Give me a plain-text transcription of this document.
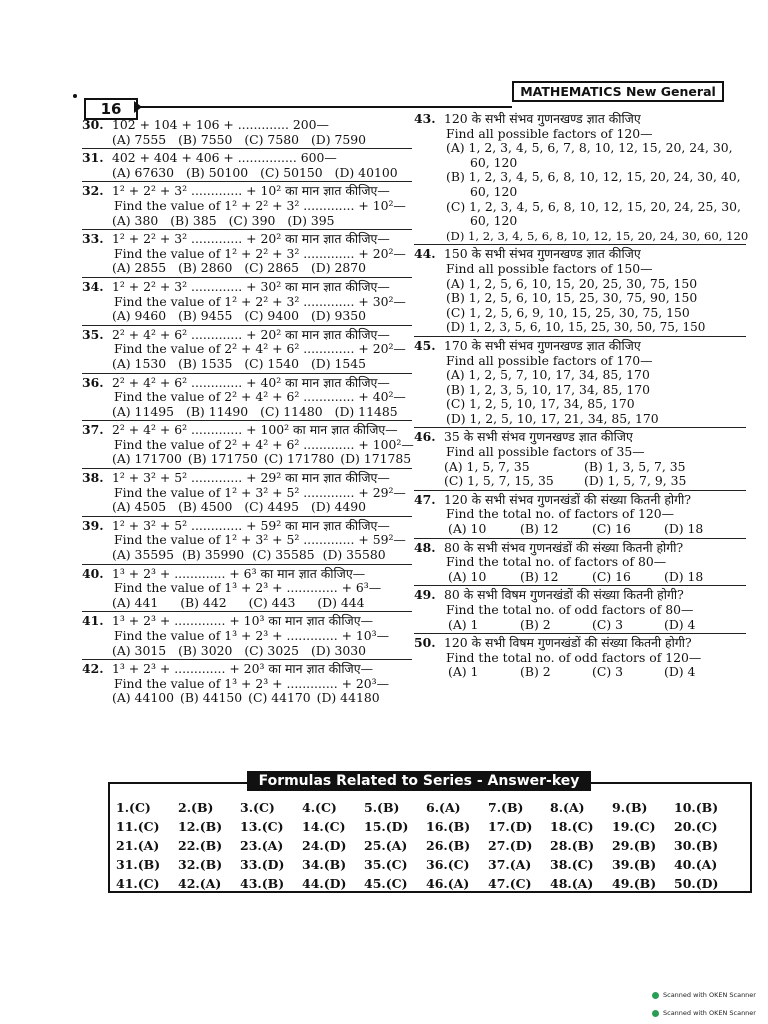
16
MATHEMATICS New General
30. 102 + 104 + 106 + ............. 200—
(A) 7555 (B) 7550 (C) 7580 (D) 7590
31. 402 + 404 + 406 + ............... 600—
(A) 67630 (B) 50100 (C) 50150 (D) 40100
32. 1² + 2² + 3² ............. + 10² का मान ज्ञात कीजिए—
Find the value of 1² + 2² + 3² ............. + 10²—
(A) 380 (B) 385 (C) 390 (D) 395
33. 1² + 2² + 3² ............. + 20² का मान ज्ञात कीजिए—
Find the value of 1² + 2² + 3² ............. + 20²—
(A) 2855 (B) 2860 (C) 2865 (D) 2870
34. 1² + 2² + 3² ............. + 30² का मान ज्ञात कीजिए—
Find the value of 1² + 2² + 3² ............. + 30²—
(A) 9460 (B) 9455 (C) 9400 (D) 9350
35. 2² + 4² + 6² ............. + 20² का मान ज्ञात कीजिए—
Find the value of 2² + 4² + 6² ............. + 20²—
(A) 1530 (B) 1535 (C) 1540 (D) 1545
36. 2² + 4² + 6² ............. + 40² का मान ज्ञात कीजिए—
Find the value of 2² + 4² + 6² ............. + 40²—
(A) 11495 (B) 11490 (C) 11480 (D) 11485
37. 2² + 4² + 6² ............. + 100² का मान ज्ञात कीजिए—
Find the value of 2² + 4² + 6² ............. + 100²—
(A) 171700 (B) 171750 (C) 171780 (D) 171785
38. 1² + 3² + 5² ............. + 29² का मान ज्ञात कीजिए—
Find the value of 1² + 3² + 5² ............. + 29²—
(A) 4505 (B) 4500 (C) 4495 (D) 4490
39. 1² + 3² + 5² ............. + 59² का मान ज्ञात कीजिए—
Find the value of 1² + 3² + 5² ............. + 59²—
(A) 35595 (B) 35990 (C) 35585 (D) 35580
40. 1³ + 2³ + ............. + 6³ का मान ज्ञात कीजिए—
Find the value of 1³ + 2³ + ............. + 6³—
(A) 441 (B) 442 (C) 443 (D) 444
41. 1³ + 2³ + ............. + 10³ का मान ज्ञात कीजिए—
Find the value of 1³ + 2³ + ............. + 10³—
(A) 3015 (B) 3020 (C) 3025 (D) 3030
42. 1³ + 2³ + ............. + 20³ का मान ज्ञात कीजिए—
Find the value of 1³ + 2³ + ............. + 20³—
(A) 44100 (B) 44150 (C) 44170 (D) 44180
43. 120 के सभी संभव गुणनखण्ड ज्ञात कीजिए
Find all possible factors of 120—
(A) 1, 2, 3, 4, 5, 6, 7, 8, 10, 12, 15, 20, 24, 30,
60, 120
(B) 1, 2, 3, 4, 5, 6, 8, 10, 12, 15, 20, 24, 30, 40,
60, 120
(C) 1, 2, 3, 4, 5, 6, 8, 10, 12, 15, 20, 24, 25, 30,
60, 120
(D) 1, 2, 3, 4, 5, 6, 8, 10, 12, 15, 20, 24, 30, 60, 120
44. 150 के सभी संभव गुणनखण्ड ज्ञात कीजिए
Find all possible factors of 150—
(A) 1, 2, 5, 6, 10, 15, 20, 25, 30, 75, 150
(B) 1, 2, 5, 6, 10, 15, 25, 30, 75, 90, 150
(C) 1, 2, 5, 6, 9, 10, 15, 25, 30, 75, 150
(D) 1, 2, 3, 5, 6, 10, 15, 25, 30, 50, 75, 150
45. 170 के सभी संभव गुणनखण्ड ज्ञात कीजिए
Find all possible factors of 170—
(A) 1, 2, 5, 7, 10, 17, 34, 85, 170
(B) 1, 2, 3, 5, 10, 17, 34, 85, 170
(C) 1, 2, 5, 10, 17, 34, 85, 170
(D) 1, 2, 5, 10, 17, 21, 34, 85, 170
46. 35 के सभी संभव गुणनखण्ड ज्ञात कीजिए
Find all possible factors of 35—
(A) 1, 5, 7, 35	(B) 1, 3, 5, 7, 35
(C) 1, 5, 7, 15, 35	(D) 1, 5, 7, 9, 35
47. 120 के सभी संभव गुणनखंडों की संख्या कितनी होगी?
Find the total no. of factors of 120—
(A) 10	(B) 12	(C) 16	(D) 18
48. 80 के सभी संभव गुणनखंडों की संख्या कितनी होगी?
Find the total no. of factors of 80—
(A) 10	(B) 12	(C) 16	(D) 18
49. 80 के सभी विषम गुणनखंडों की संख्या कितनी होगी?
Find the total no. of odd factors of 80—
(A) 1	(B) 2	(C) 3	(D) 4
50. 120 के सभी विषम गुणनखंडों की संख्या कितनी होगी?
Find the total no. of odd factors of 120—
(A) 1	(B) 2	(C) 3	(D) 4
Formulas Related to Series - Answer-key
1.(C)	2.(B)	3.(C)	4.(C)	5.(B)	6.(A)	7.(B)	8.(A)	9.(B)	10.(B)
11.(C)	12.(B)	13.(C)	14.(C)	15.(D)	16.(B)	17.(D)	18.(C)	19.(C)	20.(C)
21.(A)	22.(B)	23.(A)	24.(D)	25.(A)	26.(B)	27.(D)	28.(B)	29.(B)	30.(B)
31.(B)	32.(B)	33.(D)	34.(B)	35.(C)	36.(C)	37.(A)	38.(C)	39.(B)	40.(A)
41.(C)	42.(A)	43.(B)	44.(D)	45.(C)	46.(A)	47.(C)	48.(A)	49.(B)	50.(D)
Scanned with OKEN Scanner
Scanned with OKEN Scanner
